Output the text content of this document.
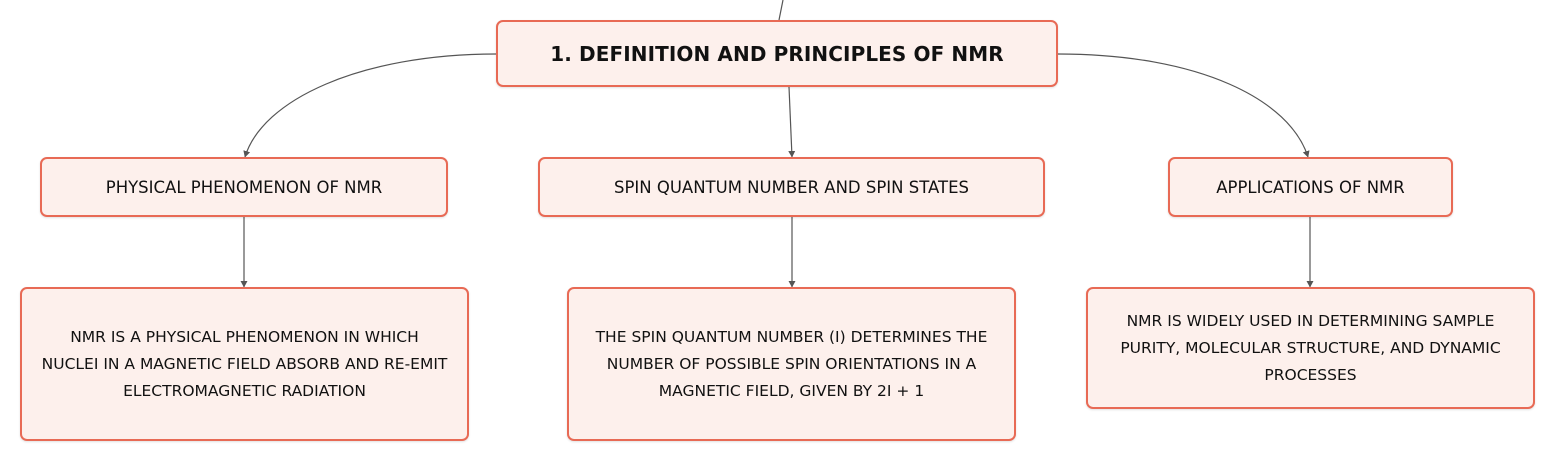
1. DEFINITION AND PRINCIPLES OF NMR
PHYSICAL PHENOMENON OF NMR	SPIN QUANTUM NUMBER AND SPIN STATES	APPLICATIONS OF NMR
NMR IS A PHYSICAL PHENOMENON IN WHICH
NUCLEI IN A MAGNETIC FIELD ABSORB AND RE-EMIT
ELECTROMAGNETIC RADIATION
THE SPIN QUANTUM NUMBER (I) DETERMINES THE
NUMBER OF POSSIBLE SPIN ORIENTATIONS IN A
MAGNETIC FIELD, GIVEN BY 2I + 1
NMR IS WIDELY USED IN DETERMINING SAMPLE
PURITY, MOLECULAR STRUCTURE, AND DYNAMIC
PROCESSES
